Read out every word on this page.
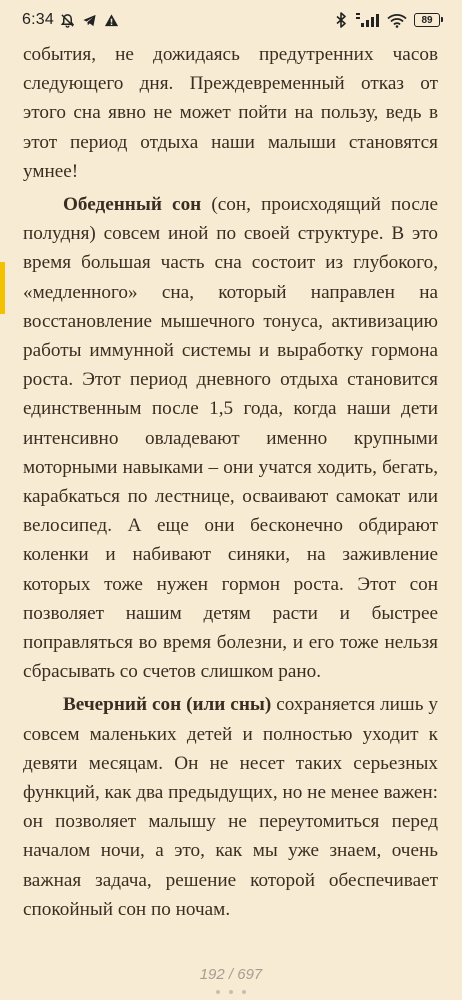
6:34	89

события, не дожидаясь предутренних часов следующего дня. Преждевременный отказ от этого сна явно не может пойти на пользу, ведь в этот период отдыха наши малыши становятся умнее!

Обеденный сон (сон, происходящий после полудня) совсем иной по своей структуре. В это время большая часть сна состоит из глубокого, «медленного» сна, который направлен на восстановление мышечного тонуса, активизацию работы иммунной системы и выработку гормона роста. Этот период дневного отдыха становится единственным после 1,5 года, когда наши дети интенсивно овладевают именно крупными моторными навыками – они учатся ходить, бегать, карабкаться по лестнице, осваивают самокат или велосипед. А еще они бесконечно обдирают коленки и набивают синяки, на заживление которых тоже нужен гормон роста. Этот сон позволяет нашим детям расти и быстрее поправляться во время болезни, и его тоже нельзя сбрасывать со счетов слишком рано.

Вечерний сон (или сны) сохраняется лишь у совсем маленьких детей и полностью уходит к девяти месяцам. Он не несет таких серьезных функций, как два предыдущих, но не менее важен: он позволяет малышу не переутомиться перед началом ночи, а это, как мы уже знаем, очень важная задача, решение которой обеспечивает спокойный сон по ночам.

192 / 697
